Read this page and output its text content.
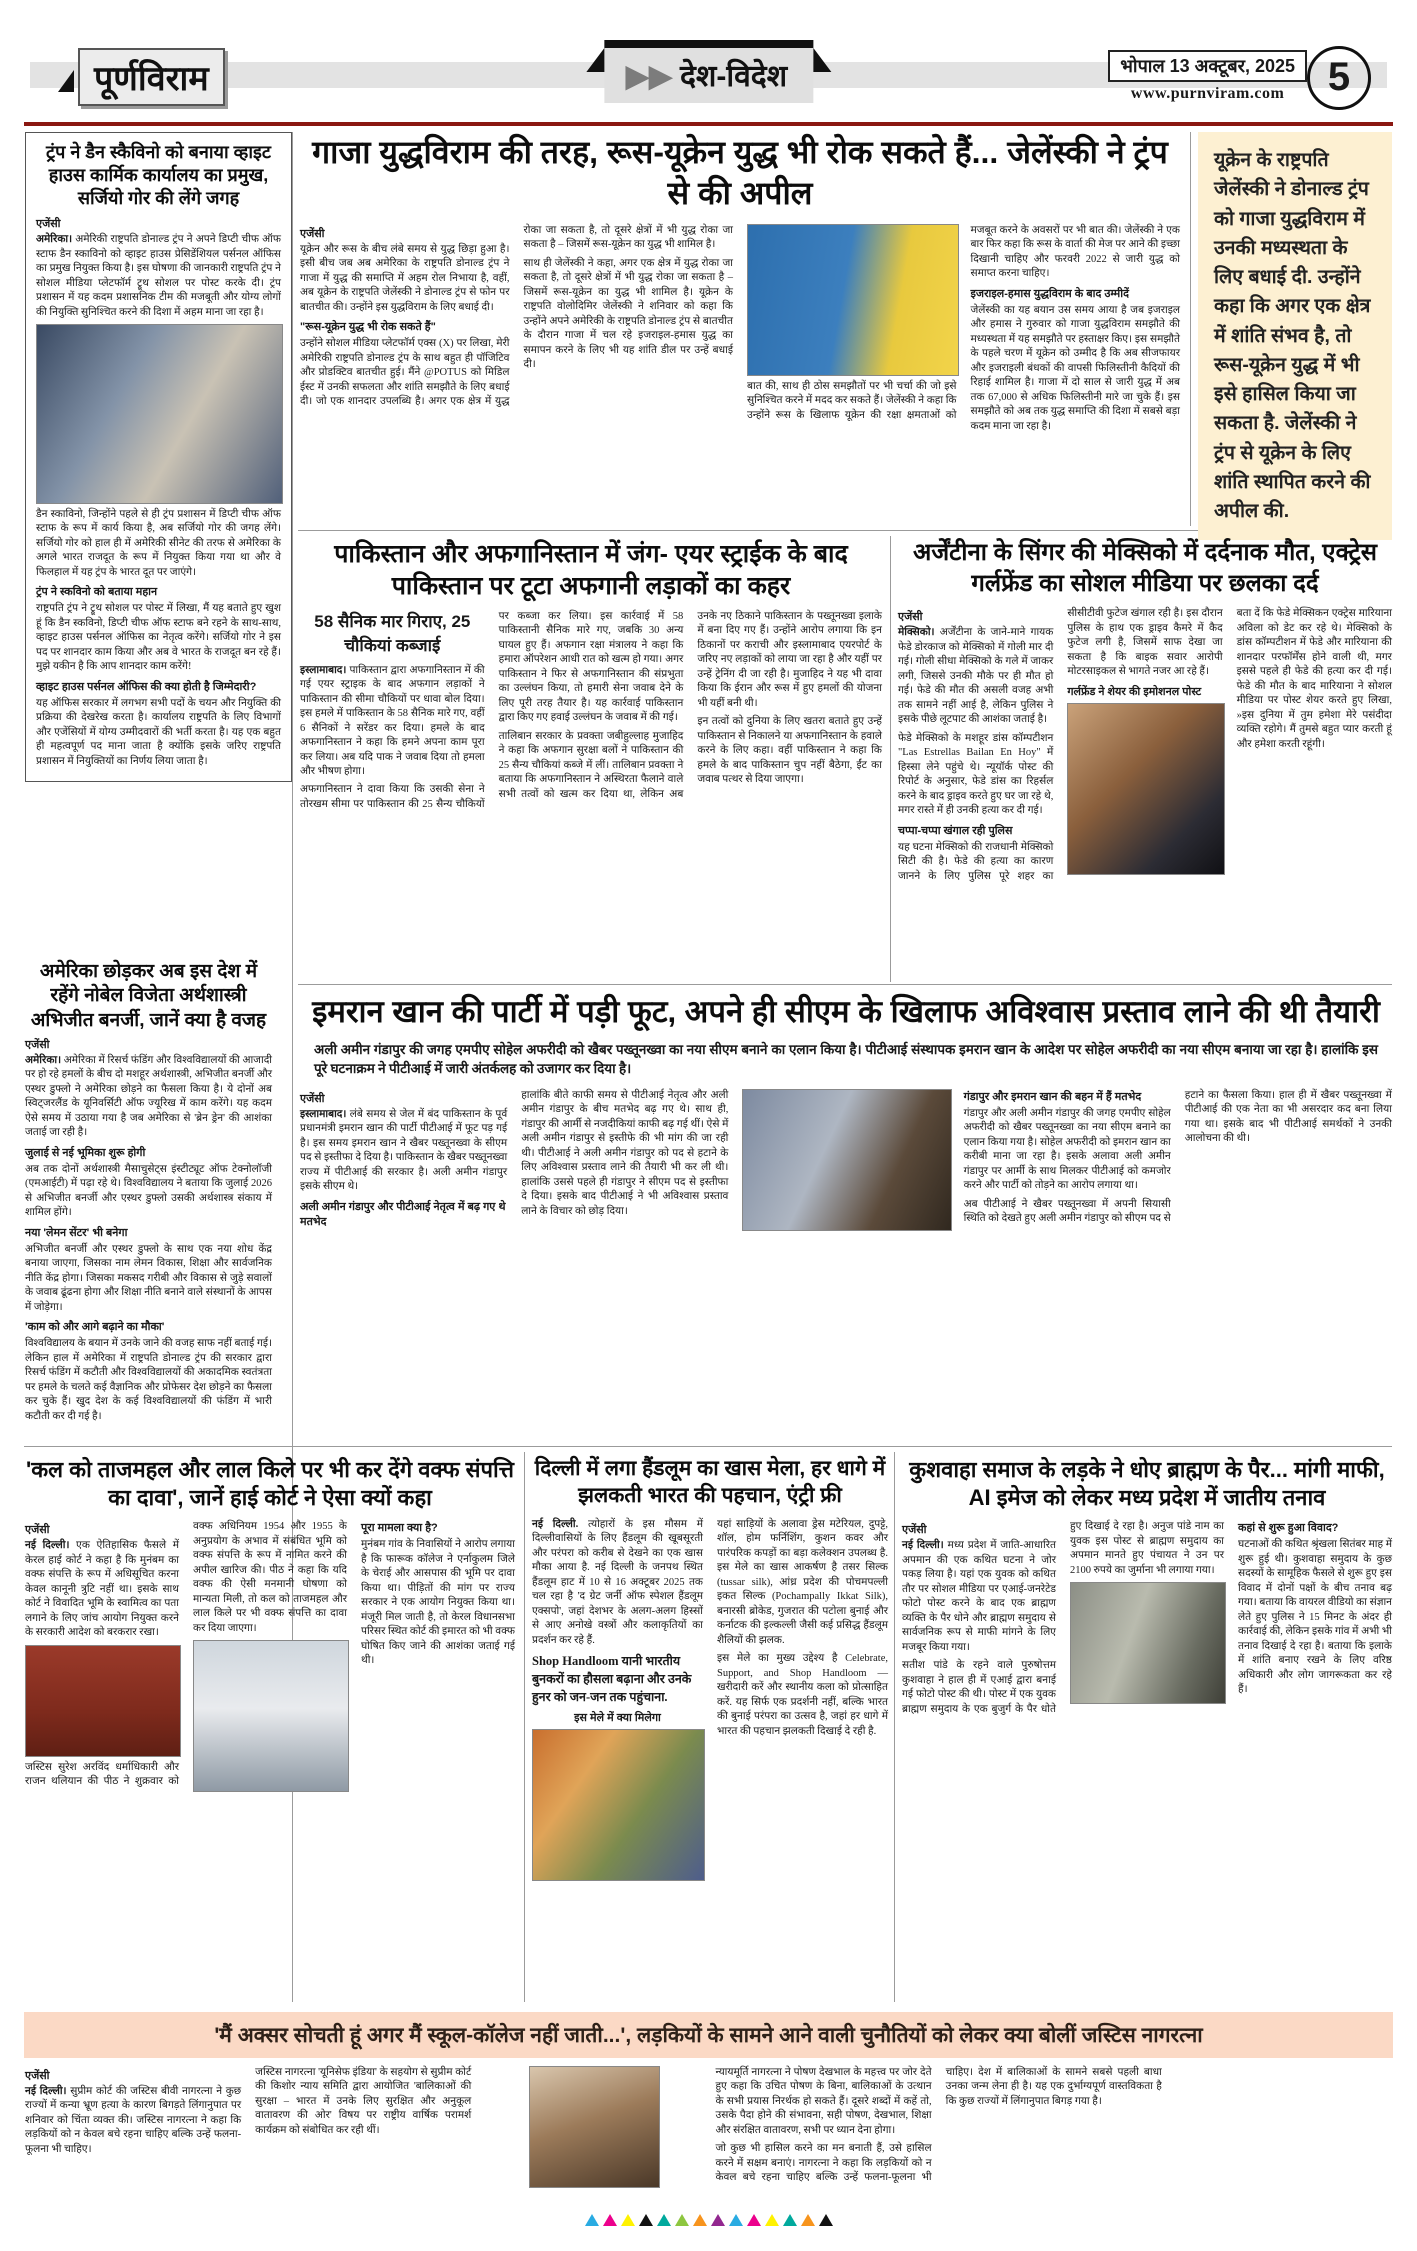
पूर्णविराम	▶▶ देश-विदेश	भोपाल 13 अक्टूबर, 2025
www.purnviram.com	5
ट्रंप ने डैन स्कैविनो को बनाया व्हाइट हाउस कार्मिक कार्यालय का प्रमुख, सर्जियो गोर की लेंगे जगह
एजेंसी

अमेरिका। अमेरिकी राष्ट्रपति डोनाल्ड ट्रंप ने अपने डिप्टी चीफ ऑफ स्टाफ डैन स्काविनो को व्हाइट हाउस प्रेसिडेंशियल पर्सनल ऑफिस का प्रमुख नियुक्त किया है। इस घोषणा की जानकारी राष्ट्रपति ट्रंप ने सोशल मीडिया प्लेटफॉर्म ट्रूथ सोशल पर पोस्ट करके दी। ट्रंप प्रशासन में यह कदम प्रशासनिक टीम की मजबूती और योग्य लोगों की नियुक्ति सुनिश्चित करने की दिशा में अहम माना जा रहा है।

डैन स्काविनो, जिन्होंने पहले से ही ट्रंप प्रशासन में डिप्टी चीफ ऑफ स्टाफ के रूप में कार्य किया है, अब सर्जियो गोर की जगह लेंगे। सर्जियो गोर को हाल ही में अमेरिकी सीनेट की तरफ से अमेरिका के अगले भारत राजदूत के रूप में नियुक्त किया गया था और वे फिलहाल में यह ट्रंप के भारत दूत पर जाएंगे।

ट्रंप ने स्कविनो को बताया महान

राष्ट्रपति ट्रंप ने ट्रूथ सोशल पर पोस्ट में लिखा, मैं यह बताते हुए खुश हूं कि डैन स्कविनो, डिप्टी चीफ ऑफ स्टाफ बने रहने के साथ-साथ, व्हाइट हाउस पर्सनल ऑफिस का नेतृत्व करेंगे। सर्जियो गोर ने इस पद पर शानदार काम किया और अब वे भारत के राजदूत बन रहे हैं। मुझे यकीन है कि आप शानदार काम करेंगे!

व्हाइट हाउस पर्सनल ऑफिस की क्या होती है जिम्मेदारी?

यह ऑफिस सरकार में लगभग सभी पदों के चयन और नियुक्ति की प्रक्रिया की देखरेख करता है। कार्यालय राष्ट्रपति के लिए विभागों और एजेंसियों में योग्य उम्मीदवारों की भर्ती करता है। यह एक बहुत ही महत्वपूर्ण पद माना जाता है क्योंकि इसके जरिए राष्ट्रपति प्रशासन में नियुक्तियों का निर्णय लिया जाता है।

अमेरिका छोड़कर अब इस देश में रहेंगे नोबेल विजेता अर्थशास्त्री अभिजीत बनर्जी, जानें क्या है वजह
एजेंसी

अमेरिका। अमेरिका में रिसर्च फंडिंग और विश्वविद्यालयों की आजादी पर हो रहे हमलों के बीच दो मशहूर अर्थशास्त्री, अभिजीत बनर्जी और एस्थर डुफ्लो ने अमेरिका छोड़ने का फैसला किया है। ये दोनों अब स्विट्जरलैंड के यूनिवर्सिटी ऑफ ज्यूरिख में काम करेंगे। यह कदम ऐसे समय में उठाया गया है जब अमेरिका से 'ब्रेन ड्रेन' की आशंका जताई जा रही है।

जुलाई से नई भूमिका शुरू होगी

अब तक दोनों अर्थशास्त्री मैसाचुसेट्स इंस्टीट्यूट ऑफ टेक्नोलॉजी (एमआईटी) में पढ़ा रहे थे। विश्वविद्यालय ने बताया कि जुलाई 2026 से अभिजीत बनर्जी और एस्थर डुफ्लो उसकी अर्थशास्त्र संकाय में शामिल होंगे।

नया 'लेमन सेंटर' भी बनेगा

अभिजीत बनर्जी और एस्थर डुफ्लो के साथ एक नया शोध केंद्र बनाया जाएगा, जिसका नाम लेमन विकास, शिक्षा और सार्वजनिक नीति केंद्र होगा। जिसका मकसद गरीबी और विकास से जुड़े सवालों के जवाब ढूंढना होगा और शिक्षा नीति बनाने वाले संस्थानों के आपस में जोड़ेगा।

'काम को और आगे बढ़ाने का मौका'

विश्वविद्यालय के बयान में उनके जाने की वजह साफ नहीं बताई गई। लेकिन हाल में अमेरिका में राष्ट्रपति डोनाल्ड ट्रंप की सरकार द्वारा रिसर्च फंडिंग में कटौती और विश्वविद्यालयों की अकादमिक स्वतंत्रता पर हमले के चलते कई वैज्ञानिक और प्रोफेसर देश छोड़ने का फैसला कर चुके हैं। खुद देश के कई विश्वविद्यालयों की फंडिंग में भारी कटौती कर दी गई है।

गाजा युद्धविराम की तरह, रूस-यूक्रेन युद्ध भी रोक सकते हैं... जेलेंस्की ने ट्रंप से की अपील
एजेंसी

यूक्रेन और रूस के बीच लंबे समय से युद्ध छिड़ा हुआ है। इसी बीच जब अब अमेरिका के राष्ट्रपति डोनाल्ड ट्रंप ने गाजा में युद्ध की समाप्ति में अहम रोल निभाया है, वहीं, अब यूक्रेन के राष्ट्रपति जेलेंस्की ने डोनाल्ड ट्रंप से फोन पर बातचीत की। उन्होंने इस युद्धविराम के लिए बधाई दी।

"रूस-यूक्रेन युद्ध भी रोक सकते हैं"

उन्होंने सोशल मीडिया प्लेटफॉर्म एक्स (X) पर लिखा, मेरी अमेरिकी राष्ट्रपति डोनाल्ड ट्रंप के साथ बहुत ही पॉजिटिव और प्रोडक्टिव बातचीत हुई। मैंने @POTUS को मिडिल ईस्ट में उनकी सफलता और शांति समझौते के लिए बधाई दी। जो एक शानदार उपलब्धि है। अगर एक क्षेत्र में युद्ध रोका जा सकता है, तो दूसरे क्षेत्रों में भी युद्ध रोका जा सकता है – जिसमें रूस-यूक्रेन का युद्ध भी शामिल है।

साथ ही जेलेंस्की ने कहा, अगर एक क्षेत्र में युद्ध रोका जा सकता है, तो दूसरे क्षेत्रों में भी युद्ध रोका जा सकता है – जिसमें रूस-यूक्रेन का युद्ध भी शामिल है। यूक्रेन के राष्ट्रपति वोलोदिमिर जेलेंस्की ने शनिवार को कहा कि उन्होंने अपने अमेरिकी के राष्ट्रपति डोनाल्ड ट्रंप से बातचीत के दौरान गाजा में चल रहे इजराइल-हमास युद्ध का समापन करने के लिए भी यह शांति डील पर उन्हें बधाई दी।

बात की, साथ ही ठोस समझौतों पर भी चर्चा की जो इसे सुनिश्चित करने में मदद कर सकते हैं। जेलेंस्की ने कहा कि उन्होंने रूस के खिलाफ यूक्रेन की रक्षा क्षमताओं को मजबूत करने के अवसरों पर भी बात की। जेलेंस्की ने एक बार फिर कहा कि रूस के वार्ता की मेज पर आने की इच्छा दिखानी चाहिए और फरवरी 2022 से जारी युद्ध को समाप्त करना चाहिए।

इजराइल-हमास युद्धविराम के बाद उम्मीदें

जेलेंस्की का यह बयान उस समय आया है जब इजराइल और हमास ने गुरुवार को गाजा युद्धविराम समझौते की मध्यस्थता में यह समझौते पर हस्ताक्षर किए। इस समझौते के पहले चरण में यूक्रेन को उम्मीद है कि अब सीजफायर और इजराइली बंधकों की वापसी फिलिस्तीनी कैदियों की रिहाई शामिल है। गाजा में दो साल से जारी युद्ध में अब तक 67,000 से अधिक फिलिस्तीनी मारे जा चुके हैं। इस समझौते को अब तक युद्ध समाप्ति की दिशा में सबसे बड़ा कदम माना जा रहा है।

यूक्रेन के राष्ट्रपति जेलेंस्की ने डोनाल्ड ट्रंप को गाजा युद्धविराम में उनकी मध्यस्थता के लिए बधाई दी. उन्होंने कहा कि अगर एक क्षेत्र में शांति संभव है, तो रूस-यूक्रेन युद्ध में भी इसे हासिल किया जा सकता है. जेलेंस्की ने ट्रंप से यूक्रेन के लिए शांति स्थापित करने की अपील की.
पाकिस्तान और अफगानिस्तान में जंग- एयर स्ट्राईक के बाद पाकिस्तान पर टूटा अफगानी लड़ाकों का कहर
58 सैनिक मार गिराए, 25 चौकियां कब्जाई

इस्लामाबाद। पाकिस्तान द्वारा अफगानिस्तान में की गई एयर स्ट्राइक के बाद अफगान लड़ाकों ने पाकिस्तान की सीमा चौकियों पर धावा बोल दिया। इस हमले में पाकिस्तान के 58 सैनिक मारे गए, वहीं 6 सैनिकों ने सरेंडर कर दिया। हमले के बाद अफगानिस्तान ने कहा कि हमने अपना काम पूरा कर लिया। अब यदि पाक ने जवाब दिया तो हमला और भीषण होगा।

अफगानिस्तान ने दावा किया कि उसकी सेना ने तोरखम सीमा पर पाकिस्तान की 25 सैन्य चौकियों पर कब्जा कर लिया। इस कार्रवाई में 58 पाकिस्तानी सैनिक मारे गए, जबकि 30 अन्य घायल हुए हैं। अफगान रक्षा मंत्रालय ने कहा कि हमारा ऑपरेशन आधी रात को खत्म हो गया। अगर पाकिस्तान ने फिर से अफगानिस्तान की संप्रभुता का उल्लंघन किया, तो हमारी सेना जवाब देने के लिए पूरी तरह तैयार है। यह कार्रवाई पाकिस्तान द्वारा किए गए हवाई उल्लंघन के जवाब में की गई।

तालिबान सरकार के प्रवक्ता जबीहुल्लाह मुजाहिद ने कहा कि अफगान सुरक्षा बलों ने पाकिस्तान की 25 सैन्य चौकियां कब्जे में लीं। तालिबान प्रवक्ता ने बताया कि अफगानिस्तान ने अस्थिरता फैलाने वाले सभी तत्वों को खत्म कर दिया था, लेकिन अब उनके नए ठिकाने पाकिस्तान के पख्तूनख्वा इलाके में बना दिए गए हैं। उन्होंने आरोप लगाया कि इन ठिकानों पर कराची और इस्लामाबाद एयरपोर्ट के जरिए नए लड़ाकों को लाया जा रहा है और यहीं पर उन्हें ट्रेनिंग दी जा रही है। मुजाहिद ने यह भी दावा किया कि ईरान और रूस में हुए हमलों की योजना भी यहीं बनी थी।

इन तत्वों को दुनिया के लिए खतरा बताते हुए उन्हें पाकिस्तान से निकालने या अफगानिस्तान के हवाले करने के लिए कहा। वहीं पाकिस्तान ने कहा कि हमले के बाद पाकिस्तान चुप नहीं बैठेगा, ईंट का जवाब पत्थर से दिया जाएगा।

अर्जेंटीना के सिंगर की मेक्सिको में दर्दनाक मौत, एक्ट्रेस गर्लफ्रेंड का सोशल मीडिया पर छलका दर्द
एजेंसी

मेक्सिको। अर्जेंटीना के जाने-माने गायक फेडे डोरकाज को मेक्सिको में गोली मार दी गई। गोली सीधा मेक्सिको के गले में जाकर लगी, जिससे उनकी मौके पर ही मौत हो गई। फेडे की मौत की असली वजह अभी तक सामने नहीं आई है, लेकिन पुलिस ने इसके पीछे लूटपाट की आशंका जताई है।

फेडे मेक्सिको के मशहूर डांस कॉम्पटीशन "Las Estrellas Bailan En Hoy" में हिस्सा लेने पहुंचे थे। न्यूयॉर्क पोस्ट की रिपोर्ट के अनुसार, फेडे डांस का रिहर्सल करने के बाद ड्राइव करते हुए घर जा रहे थे, मगर रास्ते में ही उनकी हत्या कर दी गई।

चप्पा-चप्पा खंगाल रही पुलिस

यह घटना मेक्सिको की राजधानी मेक्सिको सिटी की है। फेडे की हत्या का कारण जानने के लिए पुलिस पूरे शहर का सीसीटीवी फुटेज खंगाल रही है। इस दौरान पुलिस के हाथ एक ड्राइव कैमरे में कैद फुटेज लगी है, जिसमें साफ देखा जा सकता है कि बाइक सवार आरोपी मोटरसाइकल से भागते नजर आ रहे हैं।

गर्लफ्रेंड ने शेयर की इमोशनल पोस्ट

बता दें कि फेडे मेक्सिकन एक्ट्रेस मारियाना अविला को डेट कर रहे थे। मेक्सिको के डांस कॉम्पटीशन में फेडे और मारियाना की शानदार परफॉर्मेंस होने वाली थी, मगर इससे पहले ही फेडे की हत्या कर दी गई। फेडे की मौत के बाद मारियाना ने सोशल मीडिया पर पोस्ट शेयर करते हुए लिखा, »इस दुनिया में तुम हमेशा मेरे पसंदीदा व्यक्ति रहोगे। मैं तुमसे बहुत प्यार करती हूं और हमेशा करती रहूंगी।

इमरान खान की पार्टी में पड़ी फूट, अपने ही सीएम के खिलाफ अविश्वास प्रस्ताव लाने की थी तैयारी
अली अमीन गंडापुर की जगह एमपीए सोहेल अफरीदी को खैबर पख्तूनख्वा का नया सीएम बनाने का एलान किया है। पीटीआई संस्थापक इमरान खान के आदेश पर सोहेल अफरीदी का नया सीएम बनाया जा रहा है। हालांकि इस पूरे घटनाक्रम ने पीटीआई में जारी अंतर्कलह को उजागर कर दिया है।
एजेंसी

इस्लामाबाद। लंबे समय से जेल में बंद पाकिस्तान के पूर्व प्रधानमंत्री इमरान खान की पार्टी पीटीआई में फूट पड़ गई है। इस समय इमरान खान ने खैबर पख्तूनख्वा के सीएम पद से इस्तीफा दे दिया है। पाकिस्तान के खैबर पख्तूनख्वा राज्य में पीटीआई की सरकार है। अली अमीन गंडापुर इसके सीएम थे।

अली अमीन गंडापुर और पीटीआई नेतृत्व में बढ़ गए थे मतभेद

हालांकि बीते काफी समय से पीटीआई नेतृत्व और अली अमीन गंडापुर के बीच मतभेद बढ़ गए थे। साथ ही, गंडापुर की आर्मी से नजदीकियां काफी बढ़ गई थीं। ऐसे में अली अमीन गंडापुर से इस्तीफे की भी मांग की जा रही थी। पीटीआई ने अली अमीन गंडापुर को पद से हटाने के लिए अविश्वास प्रस्ताव लाने की तैयारी भी कर ली थी। हालांकि उससे पहले ही गंडापुर ने सीएम पद से इस्तीफा दे दिया। इसके बाद पीटीआई ने भी अविश्वास प्रस्ताव लाने के विचार को छोड़ दिया।

गंडापुर और इमरान खान की बहन में हैं मतभेद

गंडापुर और अली अमीन गंडापुर की जगह एमपीए सोहेल अफरीदी को खैबर पख्तूनख्वा का नया सीएम बनाने का एलान किया गया है। सोहेल अफरीदी को इमरान खान का करीबी माना जा रहा है। इसके अलावा अली अमीन गंडापुर पर आर्मी के साथ मिलकर पीटीआई को कमजोर करने और पार्टी को तोड़ने का आरोप लगाया था।

अब पीटीआई ने खैबर पख्तूनख्वा में अपनी सियासी स्थिति को देखते हुए अली अमीन गंडापुर को सीएम पद से हटाने का फैसला किया। हाल ही में खैबर पख्तूनख्वा में पीटीआई की एक नेता का भी असरदार कद बना लिया गया था। इसके बाद भी पीटीआई समर्थकों ने उनकी आलोचना की थी।

'कल को ताजमहल और लाल किले पर भी कर देंगे वक्फ संपत्ति का दावा', जानें हाई कोर्ट ने ऐसा क्यों कहा
एजेंसी

नई दिल्ली। एक ऐतिहासिक फैसले में केरल हाई कोर्ट ने कहा है कि मुनंबम का वक्फ संपत्ति के रूप में अधिसूचित करना केवल कानूनी त्रुटि नहीं था। इसके साथ कोर्ट ने विवादित भूमि के स्वामित्व का पता लगाने के लिए जांच आयोग नियुक्त करने के सरकारी आदेश को बरकरार रखा।

जस्टिस सुरेश अरविंद धर्माधिकारी और राजन थलियान की पीठ ने शुक्रवार को वक्फ अधिनियम 1954 और 1955 के अनुप्रयोग के अभाव में संबंधित भूमि को वक्फ संपत्ति के रूप में नामित करने की अपील खारिज की। पीठ ने कहा कि यदि वक्फ की ऐसी मनमानी घोषणा को मान्यता मिली, तो कल को ताजमहल और लाल किले पर भी वक्फ संपत्ति का दावा कर दिया जाएगा।

पूरा मामला क्या है?

मुनंबम गांव के निवासियों ने आरोप लगाया है कि फारूक कॉलेज ने एर्नाकुलम जिले के चेराई और आसपास की भूमि पर दावा किया था। पीड़ितों की मांग पर राज्य सरकार ने एक आयोग नियुक्त किया था। मंजूरी मिल जाती है, तो केरल विधानसभा परिसर स्थित कोर्ट की इमारत को भी वक्फ घोषित किए जाने की आशंका जताई गई थी।

दिल्ली में लगा हैंडलूम का खास मेला, हर धागे में झलकती भारत की पहचान, एंट्री फ्री

नई दिल्ली. त्योहारों के इस मौसम में दिल्लीवासियों के लिए हैंडलूम की खूबसूरती और परंपरा को करीब से देखने का एक खास मौका आया है. नई दिल्ली के जनपथ स्थित हैंडलूम हाट में 10 से 16 अक्टूबर 2025 तक चल रहा है 'द ग्रेट जर्नी ऑफ स्पेशल हैंडलूम एक्सपो', जहां देशभर के अलग-अलग हिस्सों से आए अनोखे वस्त्रों और कलाकृतियों का प्रदर्शन कर रहे हैं.

Shop Handloom यानी भारतीय बुनकरों का हौसला बढ़ाना और उनके हुनर को जन-जन तक पहुंचाना.
इस मेले में क्या मिलेगा

यहां साड़ियों के अलावा ड्रेस मटेरियल, दुपट्टे, शॉल, होम फर्निशिंग, कुशन कवर और पारंपरिक कपड़ों का बड़ा कलेक्शन उपलब्ध है. इस मेले का खास आकर्षण है तसर सिल्क (tussar silk), आंध्र प्रदेश की पोचमपल्ली इकत सिल्क (Pochampally Ikkat Silk), बनारसी ब्रोकेड, गुजरात की पटोला बुनाई और कर्नाटक की इल्कल्ली जैसी कई प्रसिद्ध हैंडलूम शैलियों की झलक.

इस मेले का मुख्य उद्देश्य है Celebrate, Support, and Shop Handloom — खरीदारी करें और स्थानीय कला को प्रोत्साहित करें. यह सिर्फ एक प्रदर्शनी नहीं, बल्कि भारत की बुनाई परंपरा का उत्सव है, जहां हर धागे में भारत की पहचान झलकती दिखाई दे रही है.

कुशवाहा समाज के लड़के ने धोए ब्राह्मण के पैर... मांगी माफी, AI इमेज को लेकर मध्य प्रदेश में जातीय तनाव
एजेंसी

नई दिल्ली। मध्य प्रदेश में जाति-आधारित अपमान की एक कथित घटना ने जोर पकड़ लिया है। यहां एक युवक को कथित तौर पर सोशल मीडिया पर एआई-जनरेटेड फोटो पोस्ट करने के बाद एक ब्राह्मण व्यक्ति के पैर धोने और ब्राह्मण समुदाय से सार्वजनिक रूप से माफी मांगने के लिए मजबूर किया गया।

सतीश पांडे के रहने वाले पुरुषोत्तम कुशवाहा ने हाल ही में एआई द्वारा बनाई गई फोटो पोस्ट की थी। पोस्ट में एक युवक ब्राह्मण समुदाय के एक बुजुर्ग के पैर धोते हुए दिखाई दे रहा है। अनुज पांडे नाम का युवक इस पोस्ट से ब्राह्मण समुदाय का अपमान मानते हुए पंचायत ने उन पर 2100 रुपये का जुर्माना भी लगाया गया।

कहां से शुरू हुआ विवाद?

घटनाओं की कथित श्रृंखला सितंबर माह में शुरू हुई थी। कुशवाहा समुदाय के कुछ सदस्यों के सामूहिक फैसले से शुरू हुए इस विवाद में दोनों पक्षों के बीच तनाव बढ़ गया। बताया कि वायरल वीडियो का संज्ञान लेते हुए पुलिस ने 15 मिनट के अंदर ही कार्रवाई की, लेकिन इसके गांव में अभी भी तनाव दिखाई दे रहा है। बताया कि इलाके में शांति बनाए रखने के लिए वरिष्ठ अधिकारी और लोग जागरूकता कर रहे हैं।

'मैं अक्सर सोचती हूं अगर मैं स्कूल-कॉलेज नहीं जाती...', लड़कियों के सामने आने वाली चुनौतियों को लेकर क्या बोलीं जस्टिस नागरत्ना
एजेंसी

नई दिल्ली। सुप्रीम कोर्ट की जस्टिस बीवी नागरत्ना ने कुछ राज्यों में कन्या भ्रूण हत्या के कारण बिगड़ते लिंगानुपात पर शनिवार को चिंता व्यक्त की। जस्टिस नागरत्ना ने कहा कि लड़कियों को न केवल बचे रहना चाहिए बल्कि उन्हें फलना-फूलना भी चाहिए।

जस्टिस नागरत्ना 'यूनिसेफ इंडिया' के सहयोग से सुप्रीम कोर्ट की किशोर न्याय समिति द्वारा आयोजित 'बालिकाओं की सुरक्षा – भारत में उनके लिए सुरक्षित और अनुकूल वातावरण की ओर' विषय पर राष्ट्रीय वार्षिक परामर्श कार्यक्रम को संबोधित कर रही थीं।

न्यायमूर्ति नागरत्ना ने पोषण देखभाल के महत्त्व पर जोर देते हुए कहा कि उचित पोषण के बिना, बालिकाओं के उत्थान के सभी प्रयास निरर्थक हो सकते हैं। दूसरे शब्दों में कहें तो, उसके पैदा होने की संभावना, सही पोषण, देखभाल, शिक्षा और संरक्षित वातावरण, सभी पर ध्यान देना होगा।

जो कुछ भी हासिल करने का मन बनाती हैं, उसे हासिल करने में सक्षम बनाएं। नागरत्ना ने कहा कि लड़कियों को न केवल बचे रहना चाहिए बल्कि उन्हें फलना-फूलना भी चाहिए। देश में बालिकाओं के सामने सबसे पहली बाधा उनका जन्म लेना ही है। यह एक दुर्भाग्यपूर्ण वास्तविकता है कि कुछ राज्यों में लिंगानुपात बिगड़ गया है।
